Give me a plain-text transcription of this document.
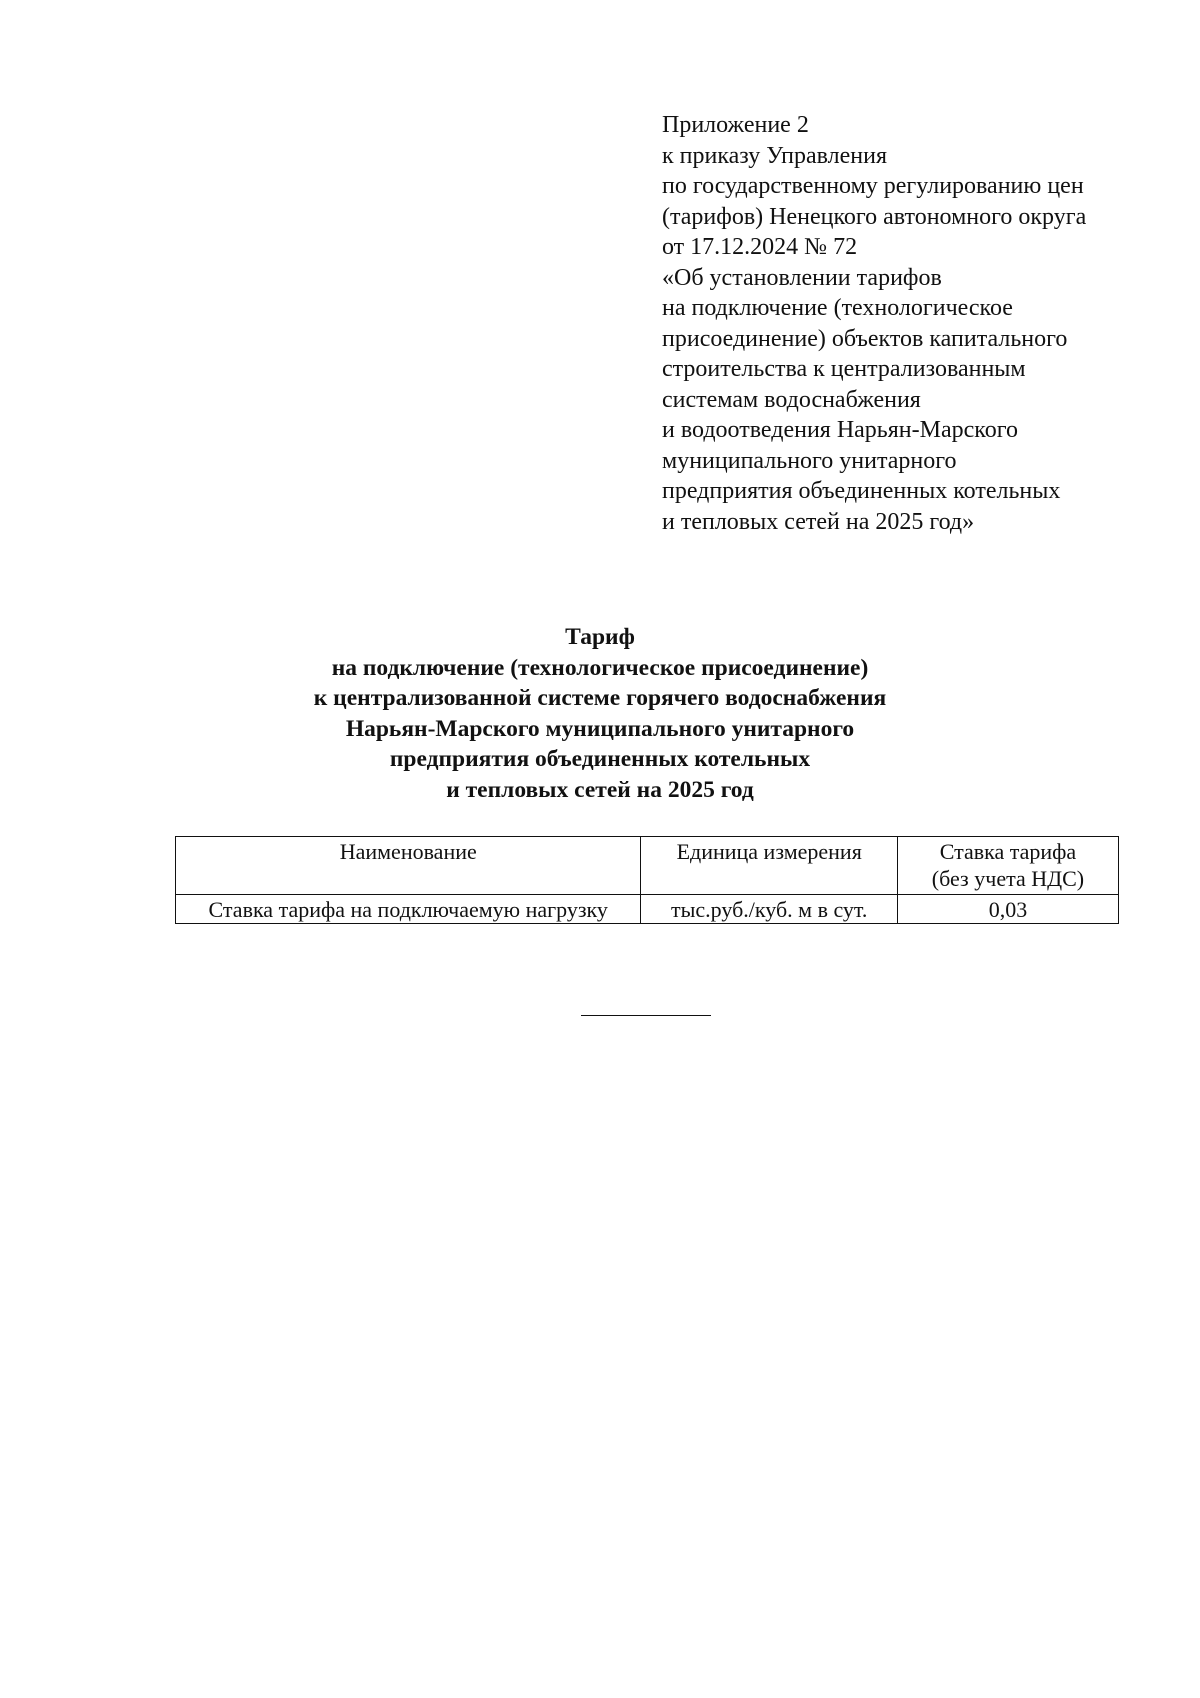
Приложение 2
к приказу Управления
по государственному регулированию цен
(тарифов) Ненецкого автономного округа
от 17.12.2024 № 72
«Об установлении тарифов
на подключение (технологическое
присоединение) объектов капитального
строительства к централизованным
системам водоснабжения
и водоотведения Нарьян-Марского
муниципального унитарного
предприятия объединенных котельных
и тепловых сетей на 2025 год»
Тариф
на подключение (технологическое присоединение)
к централизованной системе горячего водоснабжения
Нарьян-Марского муниципального унитарного
предприятия объединенных котельных
и тепловых сетей на 2025 год
Наименование	Единица измерения	Ставка тарифа
(без учета НДС)

Ставка тарифа на подключаемую нагрузку	тыс.руб./куб. м в сут.	0,03
